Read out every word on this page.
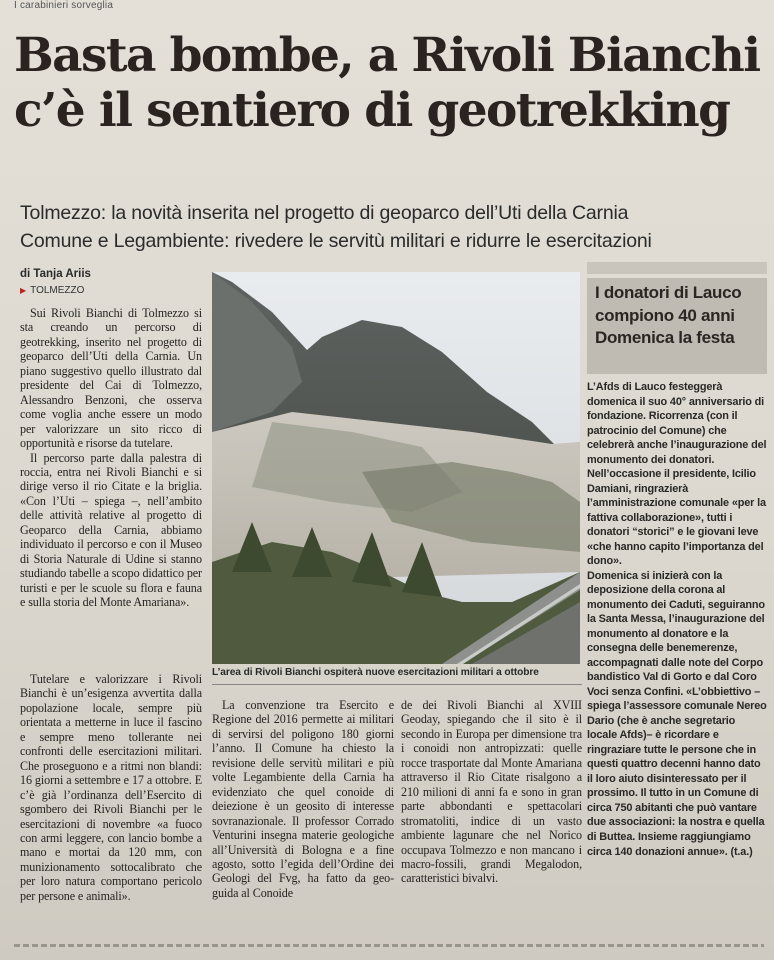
I carabinieri sorveglia
Basta bombe, a Rivoli Bianchi
c’è il sentiero di geotrekking
Tolmezzo: la novità inserita nel progetto di geoparco dell’Uti della Carnia
Comune e Legambiente: rivedere le servitù militari e ridurre le esercitazioni
di Tanja Ariis
▶ TOLMEZZO

Sui Rivoli Bianchi di Tolmezzo si sta creando un percorso di geotrekking, inserito nel progetto di geoparco dell’Uti della Carnia. Un piano suggestivo quello illustrato dal presidente del Cai di Tolmezzo, Alessandro Benzoni, che osserva come voglia anche essere un modo per valorizzare un sito ricco di opportunità e risorse da tutelare.

Il percorso parte dalla palestra di roccia, entra nei Rivoli Bianchi e si dirige verso il rio Citate e la briglia. «Con l’Uti – spiega –, nell’ambito delle attività relative al progetto di Geoparco della Carnia, abbiamo individuato il percorso e con il Museo di Storia Naturale di Udine si stanno studiando tabelle a scopo didattico per turisti e per le scuole su flora e fauna e sulla storia del Monte Amariana».

Tutelare e valorizzare i Rivoli Bianchi è un’esigenza avvertita dalla popolazione locale, sempre più orientata a metterne in luce il fascino e sempre meno tollerante nei confronti delle esercitazioni militari. Che proseguono e a ritmi non blandi: 16 giorni a settembre e 17 a ottobre. E c’è già l’ordinanza dell’Esercito di sgombero dei Rivoli Bianchi per le esercitazioni di novembre «a fuoco con armi leggere, con lancio bombe a mano e mortai da 120 mm, con munizionamento sottocalibrato che per loro natura comportano pericolo per persone e animali».

L’area di Rivoli Bianchi ospiterà nuove esercitazioni militari a ottobre

La convenzione tra Esercito e Regione del 2016 permette ai militari di servirsi del poligono 180 giorni l’anno. Il Comune ha chiesto la revisione delle servitù militari e più volte Legambiente della Carnia ha evidenziato che quel conoide di deiezione è un geosito di interesse sovranazionale. Il professor Corrado Venturini insegna materie geologiche all’Università di Bologna e a fine agosto, sotto l’egida dell’Ordine dei Geologi del Fvg, ha fatto da geo-guida al Conoide

de dei Rivoli Bianchi al XVIII Geoday, spiegando che il sito è il secondo in Europa per dimensione tra i conoidi non antropizzati: quelle rocce trasportate dal Monte Amariana attraverso il Rio Citate risalgono a 210 milioni di anni fa e sono in gran parte abbondanti e spettacolari stromatoliti, indice di un vasto ambiente lagunare che nel Norico occupava Tolmezzo e non mancano i macro-fossili, grandi Megalodon, caratteristici bivalvi.

I donatori di Lauco
compiono 40 anni
Domenica la festa

L’Afds di Lauco festeggerà domenica il suo 40° anniversario di fondazione. Ricorrenza (con il patrocinio del Comune) che celebrerà anche l’inaugurazione del monumento dei donatori. Nell’occasione il presidente, Icilio Damiani, ringrazierà l’amministrazione comunale «per la fattiva collaborazione», tutti i donatori “storici” e le giovani leve «che hanno capito l’importanza del dono».

Domenica si inizierà con la deposizione della corona al monumento dei Caduti, seguiranno la Santa Messa, l’inaugurazione del monumento al donatore e la consegna delle benemerenze, accompagnati dalle note del Corpo bandistico Val di Gorto e dal Coro Voci senza Confini. «L’obbiettivo – spiega l’assessore comunale Nereo Dario (che è anche segretario locale Afds)– è ricordare e ringraziare tutte le persone che in questi quattro decenni hanno dato il loro aiuto disinteressato per il prossimo. Il tutto in un Comune di circa 750 abitanti che può vantare due associazioni: la nostra e quella di Buttea. Insieme raggiungiamo circa 140 donazioni annue». (t.a.)
